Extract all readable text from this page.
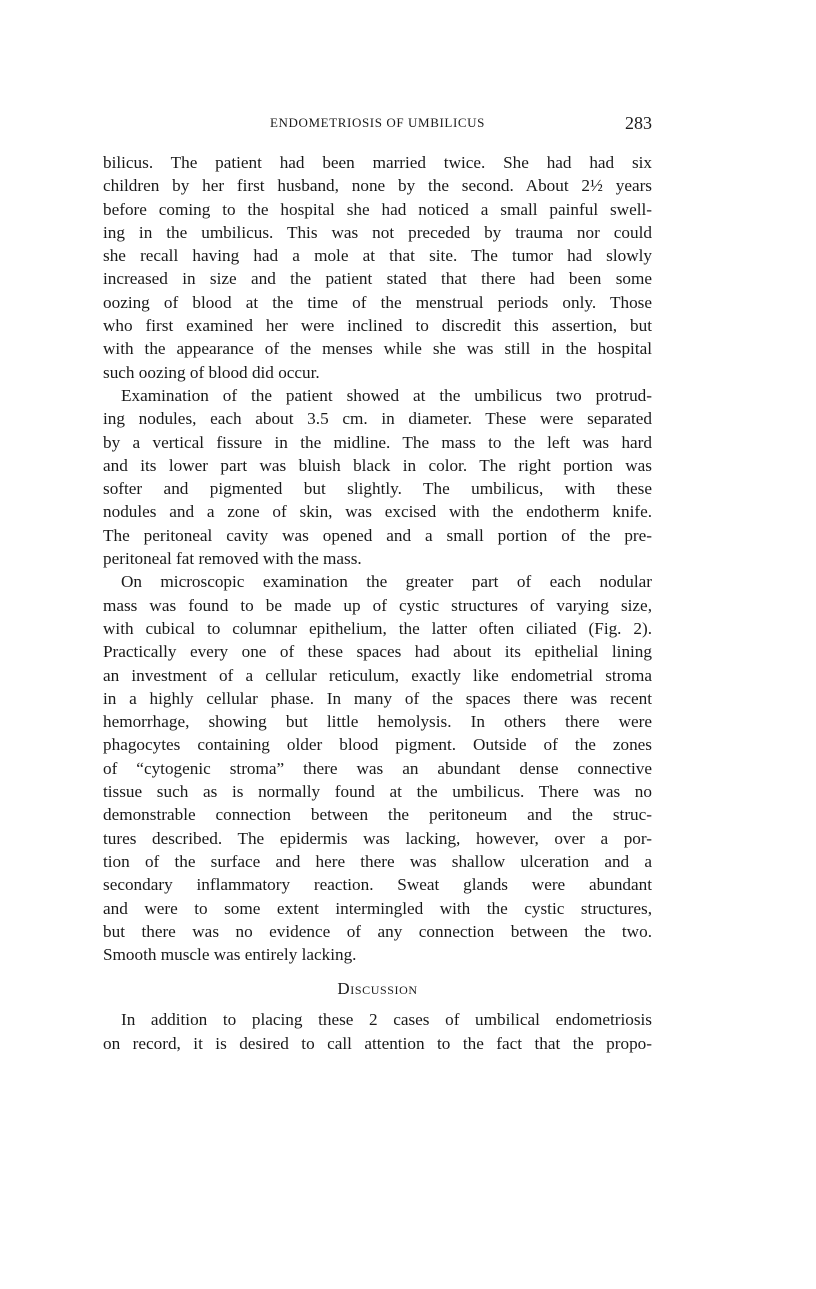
ENDOMETRIOSIS OF UMBILICUS	283
bilicus. The patient had been married twice. She had had six
children by her first husband, none by the second. About 2½ years
before coming to the hospital she had noticed a small painful swell-
ing in the umbilicus. This was not preceded by trauma nor could
she recall having had a mole at that site. The tumor had slowly
increased in size and the patient stated that there had been some
oozing of blood at the time of the menstrual periods only. Those
who first examined her were inclined to discredit this assertion, but
with the appearance of the menses while she was still in the hospital
such oozing of blood did occur.
Examination of the patient showed at the umbilicus two protrud-
ing nodules, each about 3.5 cm. in diameter. These were separated
by a vertical fissure in the midline. The mass to the left was hard
and its lower part was bluish black in color. The right portion was
softer and pigmented but slightly. The umbilicus, with these
nodules and a zone of skin, was excised with the endotherm knife.
The peritoneal cavity was opened and a small portion of the pre-
peritoneal fat removed with the mass.
On microscopic examination the greater part of each nodular
mass was found to be made up of cystic structures of varying size,
with cubical to columnar epithelium, the latter often ciliated (Fig. 2).
Practically every one of these spaces had about its epithelial lining
an investment of a cellular reticulum, exactly like endometrial stroma
in a highly cellular phase. In many of the spaces there was recent
hemorrhage, showing but little hemolysis. In others there were
phagocytes containing older blood pigment. Outside of the zones
of “cytogenic stroma” there was an abundant dense connective
tissue such as is normally found at the umbilicus. There was no
demonstrable connection between the peritoneum and the struc-
tures described. The epidermis was lacking, however, over a por-
tion of the surface and here there was shallow ulceration and a
secondary inflammatory reaction. Sweat glands were abundant
and were to some extent intermingled with the cystic structures,
but there was no evidence of any connection between the two.
Smooth muscle was entirely lacking.
Discussion
In addition to placing these 2 cases of umbilical endometriosis
on record, it is desired to call attention to the fact that the propo-
